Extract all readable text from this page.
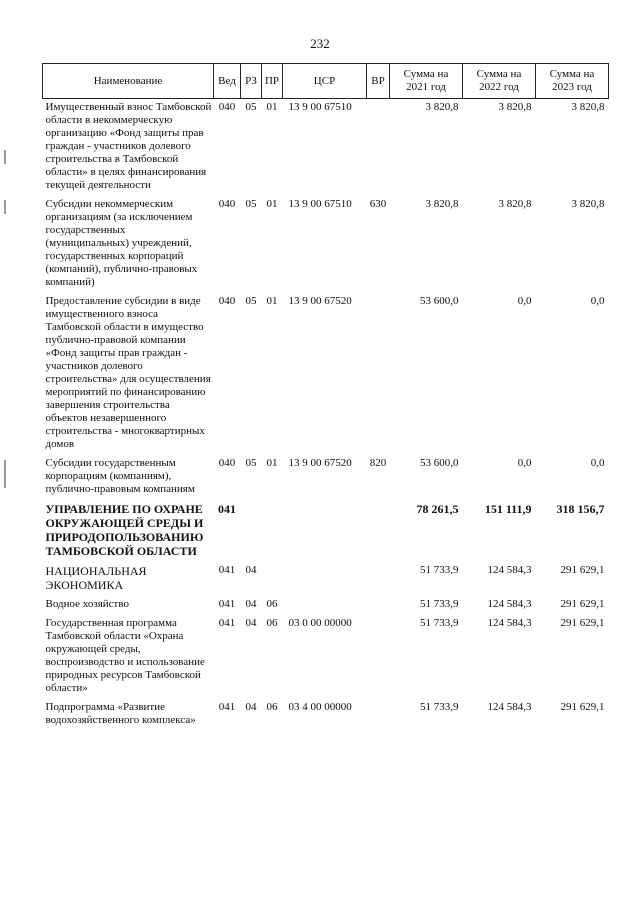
232
Наименование	Вед	РЗ	ПР	ЦСР	ВР	Сумма на 2021 год	Сумма на 2022 год	Сумма на 2023 год
Имущественный взнос Тамбовской области в некоммерческую организацию «Фонд защиты прав граждан - участников долевого строительства в Тамбовской области» в целях финансирования текущей деятельности	040	05	01	13 9 00 67510		3 820,8	3 820,8	3 820,8
Субсидии некоммерческим организациям (за исключением государственных (муниципальных) учреждений, государственных корпораций (компаний), публично-правовых компаний)	040	05	01	13 9 00 67510	630	3 820,8	3 820,8	3 820,8
Предоставление субсидии в виде имущественного взноса Тамбовской области в имущество публично-правовой компании «Фонд защиты прав граждан - участников долевого строительства» для осуществления мероприятий по финансированию завершения строительства объектов незавершенного строительства - многоквартирных домов	040	05	01	13 9 00 67520		53 600,0	0,0	0,0
Субсидии государственным корпорациям (компаниям), публично-правовым компаниям	040	05	01	13 9 00 67520	820	53 600,0	0,0	0,0
УПРАВЛЕНИЕ ПО ОХРАНЕ ОКРУЖАЮЩЕЙ СРЕДЫ И ПРИРОДОПОЛЬЗОВАНИЮ ТАМБОВСКОЙ ОБЛАСТИ	041					78 261,5	151 111,9	318 156,7
НАЦИОНАЛЬНАЯ ЭКОНОМИКА	041	04				51 733,9	124 584,3	291 629,1
Водное хозяйство	041	04	06			51 733,9	124 584,3	291 629,1
Государственная программа Тамбовской области «Охрана окружающей среды, воспроизводство и использование природных ресурсов Тамбовской области»	041	04	06	03 0 00 00000		51 733,9	124 584,3	291 629,1
Подпрограмма «Развитие водохозяйственного комплекса»	041	04	06	03 4 00 00000		51 733,9	124 584,3	291 629,1
